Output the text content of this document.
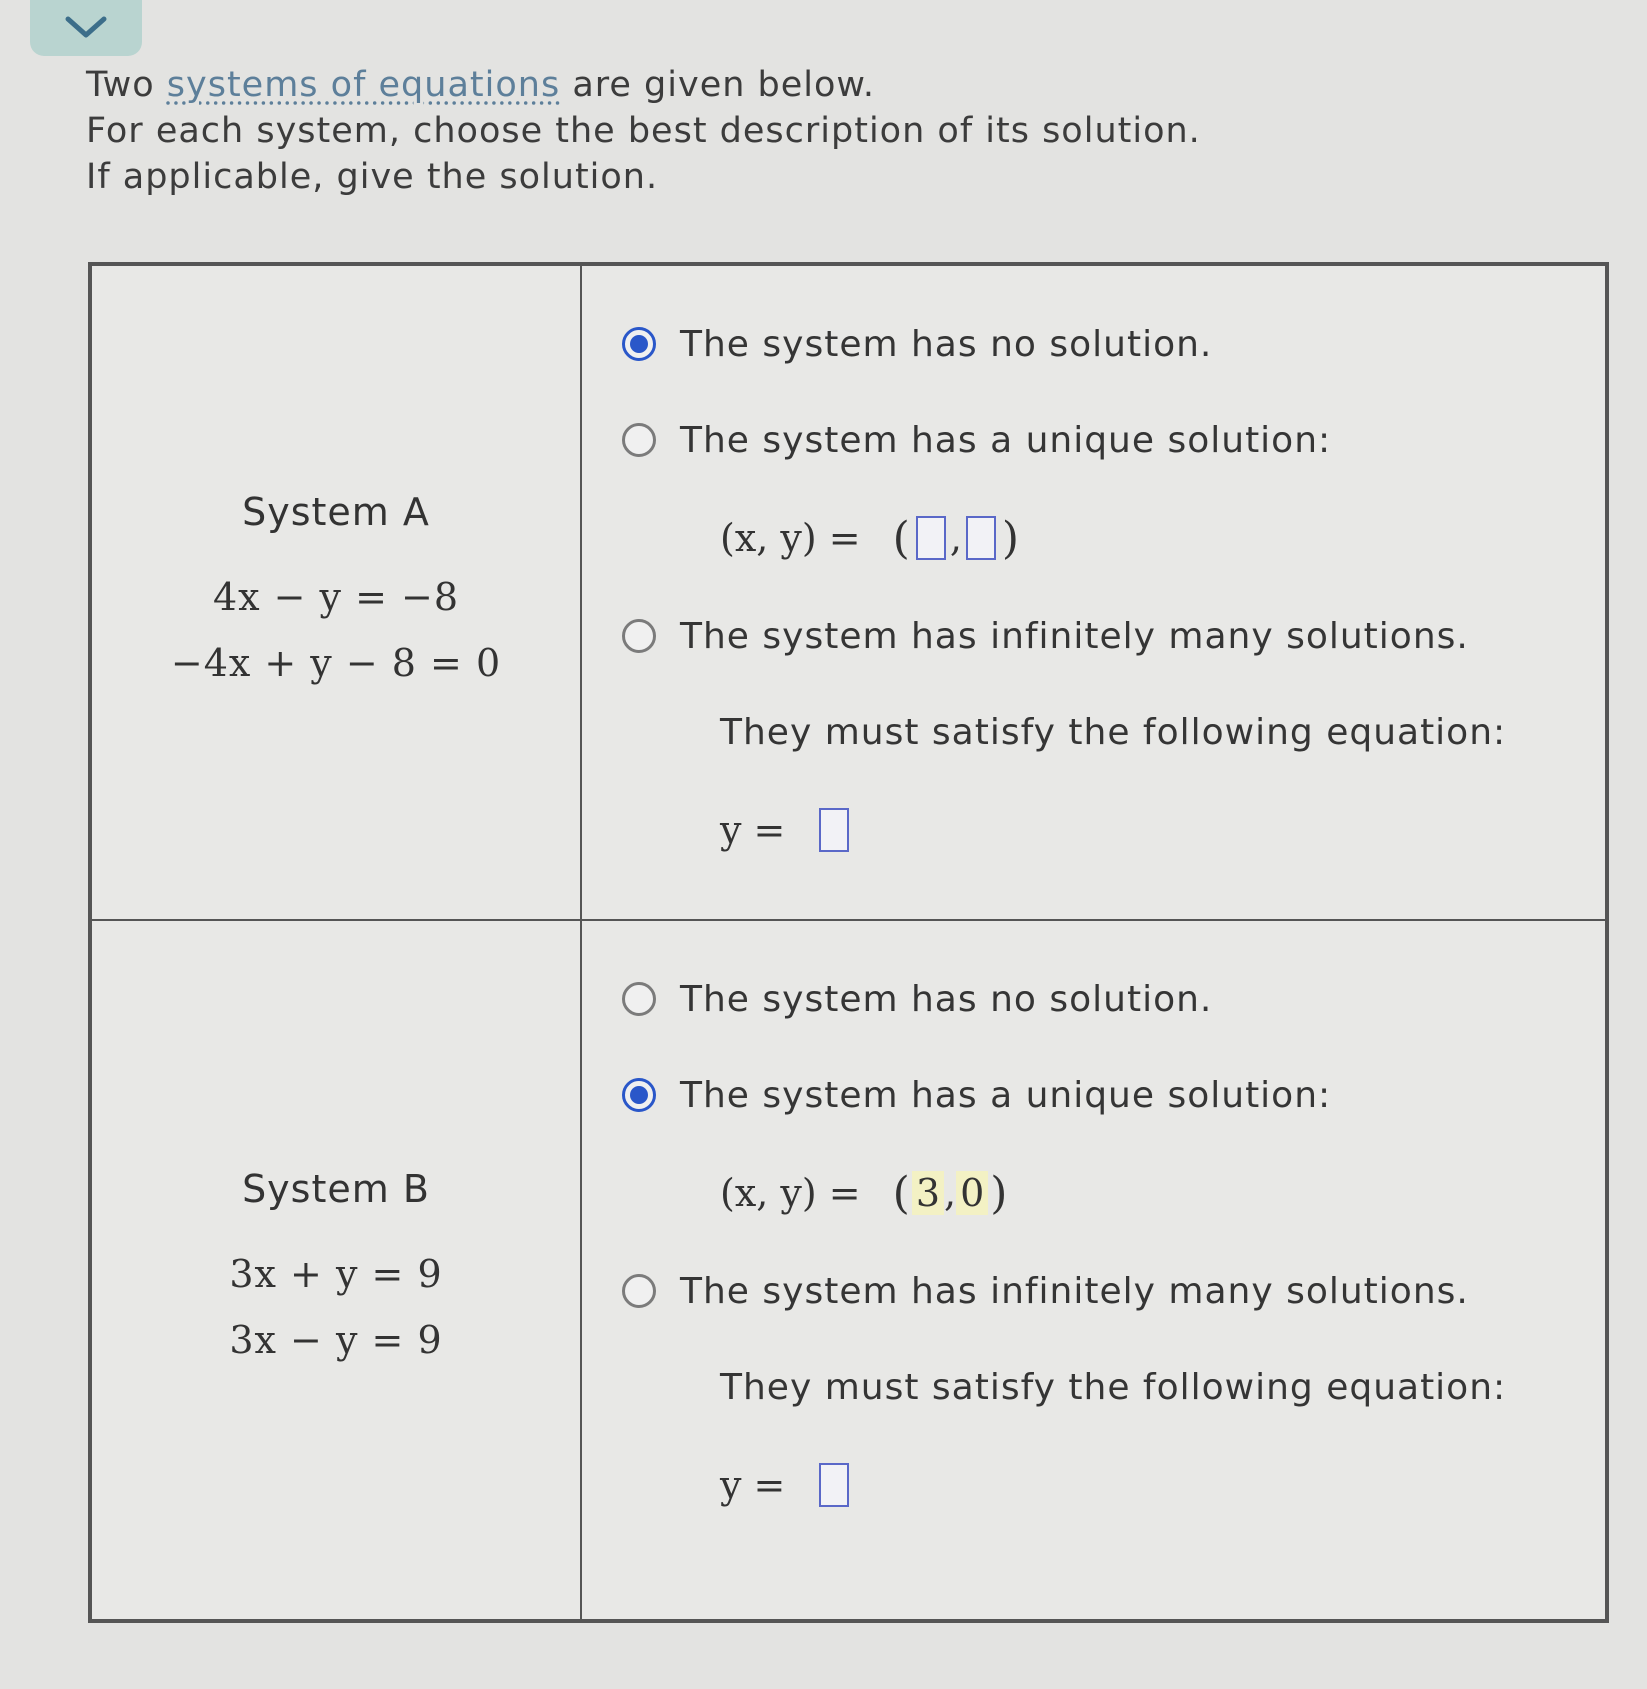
Two systems of equations are given below.

For each system, choose the best description of its solution.

If applicable, give the solution.

System A
4x − y = −8
−4x + y − 8 = 0
The system has no solution.
The system has a unique solution:
(x, y) = ( , )
The system has infinitely many solutions.
They must satisfy the following equation:
y =
System B
3x + y = 9
3x − y = 9
The system has no solution.
The system has a unique solution:
(x, y) = ( 3 , 0 )
The system has infinitely many solutions.
They must satisfy the following equation:
y =
